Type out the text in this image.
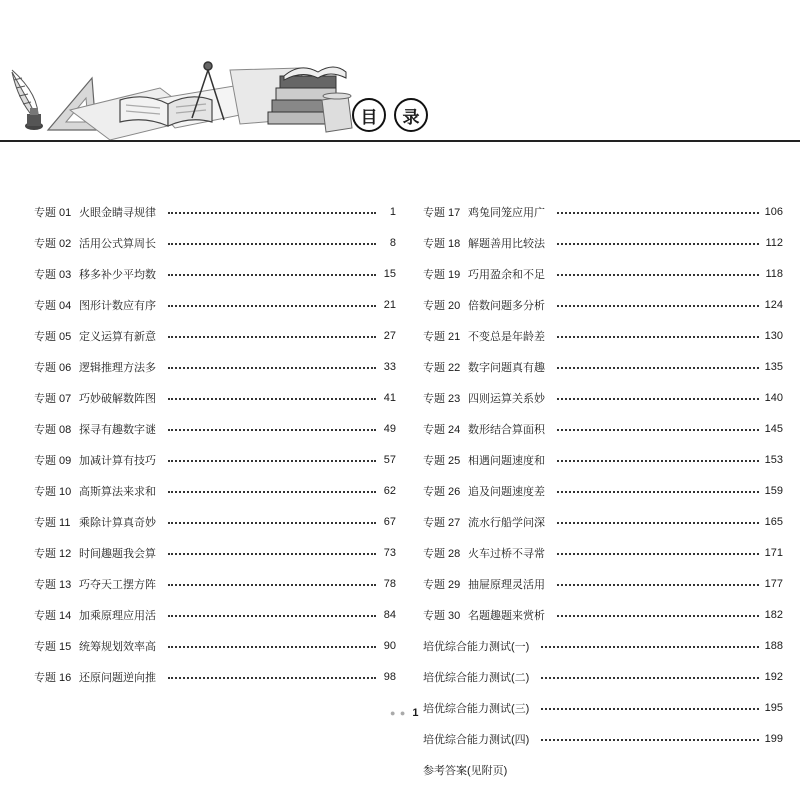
目	录
专题 01 火眼金睛寻规律	1
专题 02 活用公式算周长	8
专题 03 移多补少平均数	15
专题 04 图形计数应有序	21
专题 05 定义运算有新意	27
专题 06 逻辑推理方法多	33
专题 07 巧妙破解数阵图	41
专题 08 探寻有趣数字谜	49
专题 09 加减计算有技巧	57
专题 10 高斯算法来求和	62
专题 11 乘除计算真奇妙	67
专题 12 时间趣题我会算	73
专题 13 巧夺天工摆方阵	78
专题 14 加乘原理应用活	84
专题 15 统筹规划效率高	90
专题 16 还原问题逆向推	98
专题 17 鸡兔同笼应用广	106
专题 18 解题善用比较法	112
专题 19 巧用盈余和不足	118
专题 20 倍数问题多分析	124
专题 21 不变总是年龄差	130
专题 22 数字问题真有趣	135
专题 23 四则运算关系妙	140
专题 24 数形结合算面积	145
专题 25 相遇问题速度和	153
专题 26 追及问题速度差	159
专题 27 流水行船学问深	165
专题 28 火车过桥不寻常	171
专题 29 抽屉原理灵活用	177
专题 30 名题趣题来赏析	182
培优综合能力测试(一)	188
培优综合能力测试(二)	192
培优综合能力测试(三)	195
培优综合能力测试(四)	199
参考答案(见附页)
● ● 1
